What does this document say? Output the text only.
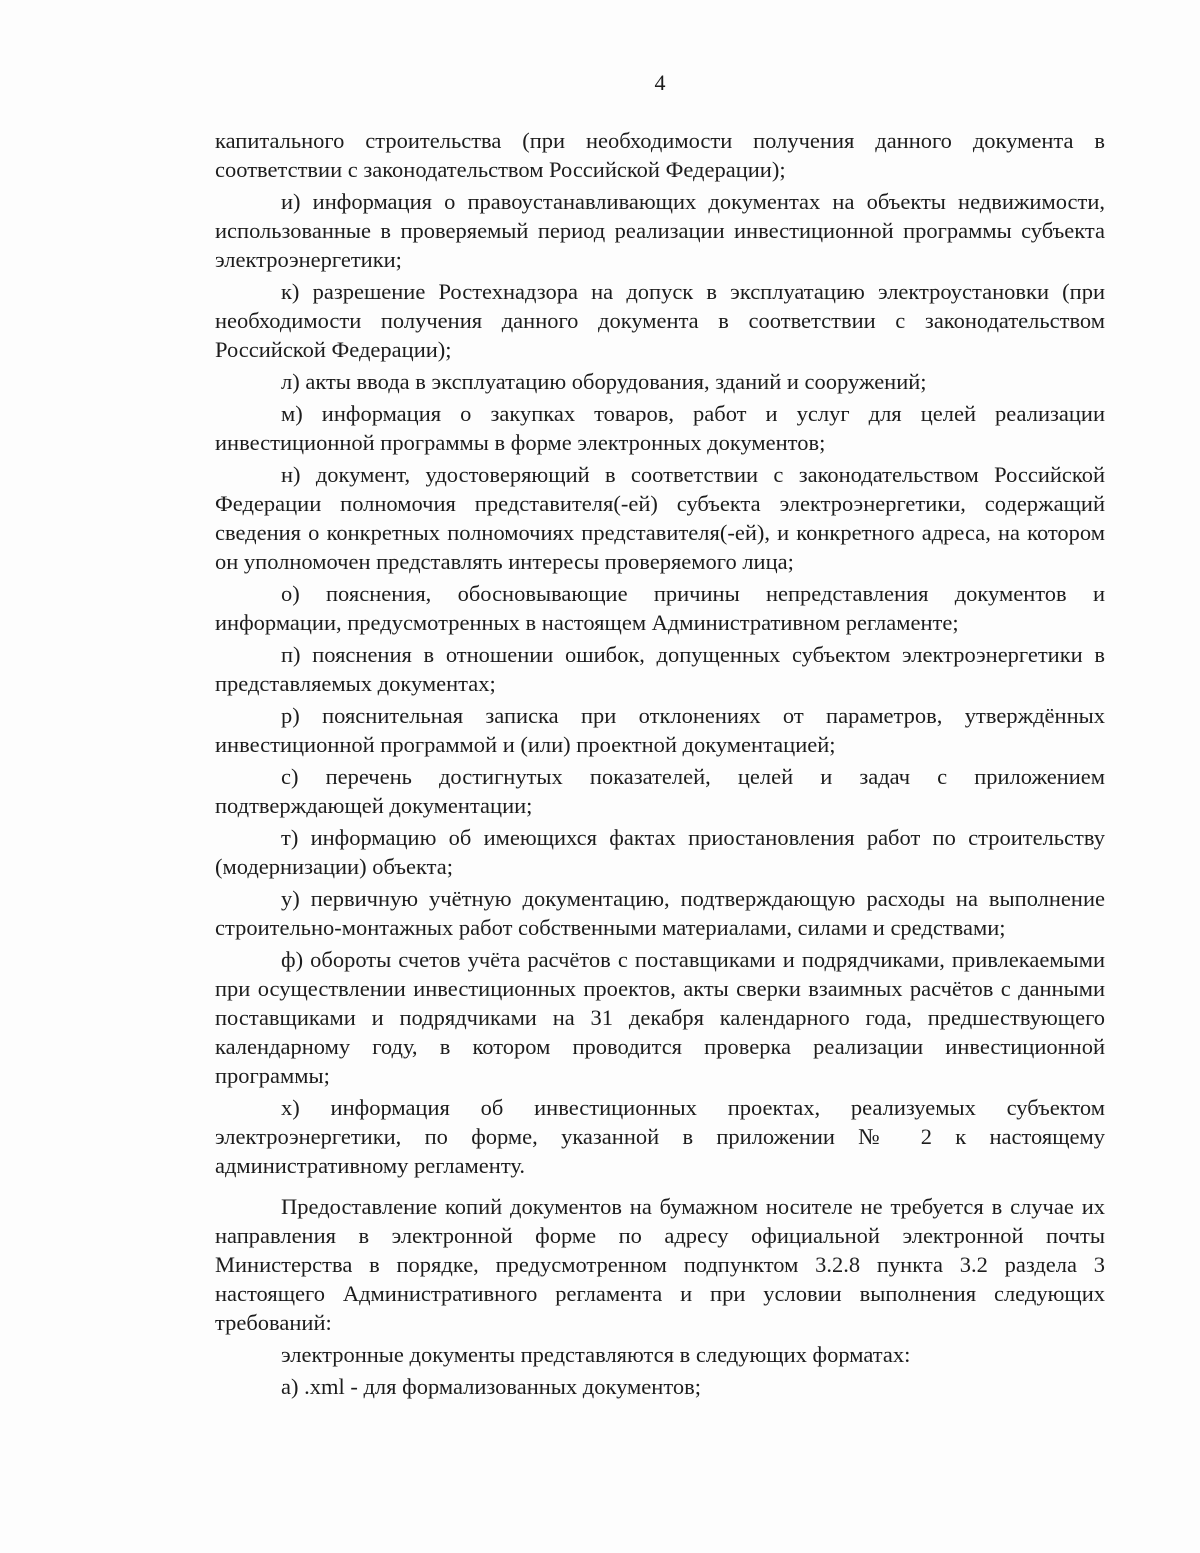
4

капитального строительства (при необходимости получения данного документа в соответствии с законодательством Российской Федерации);

и) информация о правоустанавливающих документах на объекты недвижимости, использованные в проверяемый период реализации инвестиционной программы субъекта электроэнергетики;

к) разрешение Ростехнадзора на допуск в эксплуатацию электроустановки (при необходимости получения данного документа в соответствии с законодательством Российской Федерации);

л) акты ввода в эксплуатацию оборудования, зданий и сооружений;

м) информация о закупках товаров, работ и услуг для целей реализации инвестиционной программы в форме электронных документов;

н) документ, удостоверяющий в соответствии с законодательством Российской Федерации полномочия представителя(-ей) субъекта электроэнергетики, содержащий сведения о конкретных полномочиях представителя(-ей), и конкретного адреса, на котором он уполномочен представлять интересы проверяемого лица;

о) пояснения, обосновывающие причины непредставления документов и информации, предусмотренных в настоящем Административном регламенте;

п) пояснения в отношении ошибок, допущенных субъектом электроэнергетики в представляемых документах;

р) пояснительная записка при отклонениях от параметров, утверждённых инвестиционной программой и (или) проектной документацией;

с) перечень достигнутых показателей, целей и задач с приложением подтверждающей документации;

т) информацию об имеющихся фактах приостановления работ по строительству (модернизации) объекта;

у) первичную учётную документацию, подтверждающую расходы на выполнение строительно-монтажных работ собственными материалами, силами и средствами;

ф) обороты счетов учёта расчётов с поставщиками и подрядчиками, привлекаемыми при осуществлении инвестиционных проектов, акты сверки взаимных расчётов с данными поставщиками и подрядчиками на 31 декабря календарного года, предшествующего календарному году, в котором проводится проверка реализации инвестиционной программы;

х) информация об инвестиционных проектах, реализуемых субъектом электроэнергетики, по форме, указанной в приложении № 2 к настоящему административному регламенту.

Предоставление копий документов на бумажном носителе не требуется в случае их направления в электронной форме по адресу официальной электронной почты Министерства в порядке, предусмотренном подпунктом 3.2.8 пункта 3.2 раздела 3 настоящего Административного регламента и при условии выполнения следующих требований:

электронные документы представляются в следующих форматах:

а) .xml - для формализованных документов;
